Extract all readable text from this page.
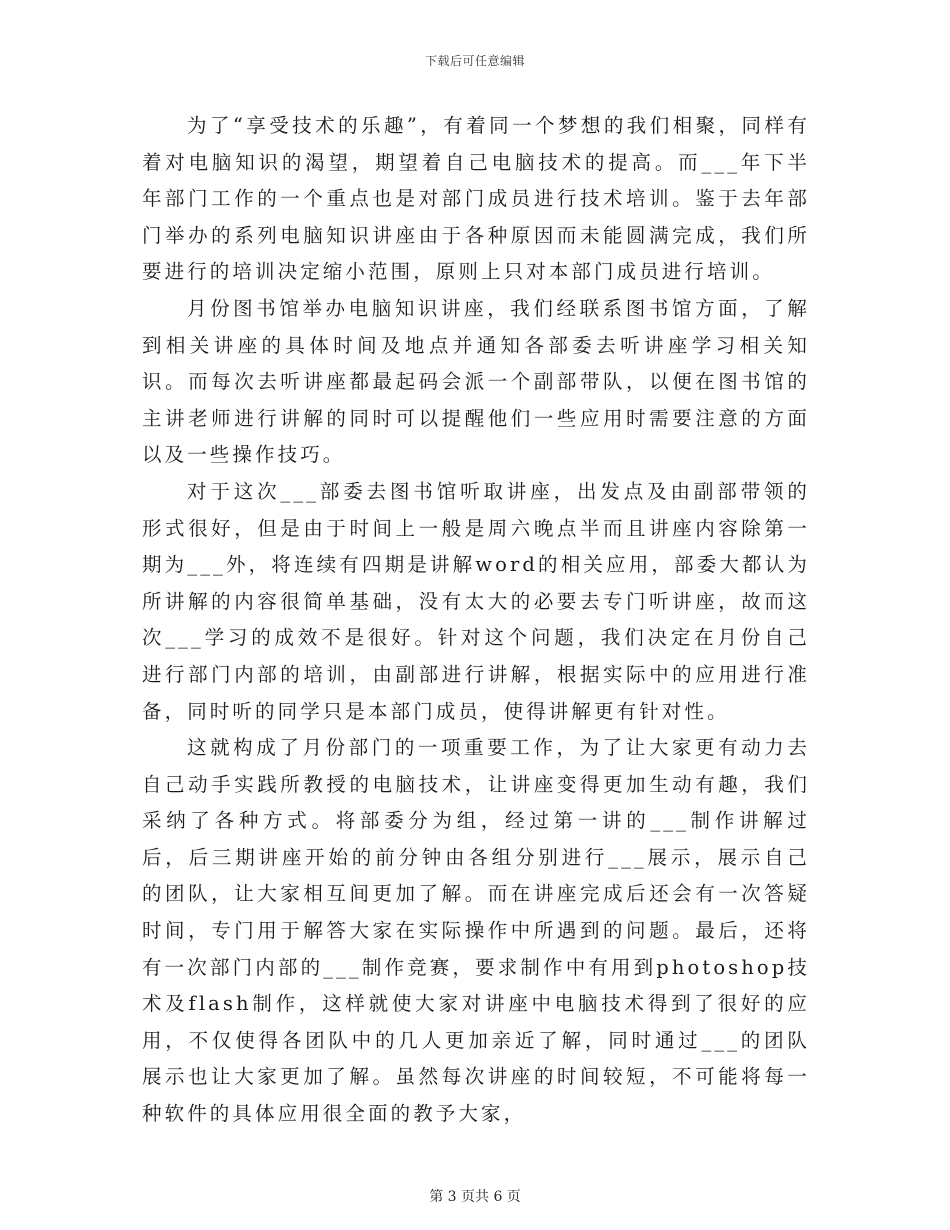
下载后可任意编辑

为了“享受技术的乐趣”，有着同一个梦想的我们相聚，同样有着对电脑知识的渴望，期望着自己电脑技术的提高。而___年下半年部门工作的一个重点也是对部门成员进行技术培训。鉴于去年部门举办的系列电脑知识讲座由于各种原因而未能圆满完成，我们所要进行的培训决定缩小范围，原则上只对本部门成员进行培训。

月份图书馆举办电脑知识讲座，我们经联系图书馆方面，了解到相关讲座的具体时间及地点并通知各部委去听讲座学习相关知识。而每次去听讲座都最起码会派一个副部带队，以便在图书馆的主讲老师进行讲解的同时可以提醒他们一些应用时需要注意的方面以及一些操作技巧。

对于这次___部委去图书馆听取讲座，出发点及由副部带领的形式很好，但是由于时间上一般是周六晚点半而且讲座内容除第一期为___外，将连续有四期是讲解word的相关应用，部委大都认为所讲解的内容很简单基础，没有太大的必要去专门听讲座，故而这次___学习的成效不是很好。针对这个问题，我们决定在月份自己进行部门内部的培训，由副部进行讲解，根据实际中的应用进行准备，同时听的同学只是本部门成员，使得讲解更有针对性。

这就构成了月份部门的一项重要工作，为了让大家更有动力去自己动手实践所教授的电脑技术，让讲座变得更加生动有趣，我们采纳了各种方式。将部委分为组，经过第一讲的___制作讲解过后，后三期讲座开始的前分钟由各组分别进行___展示，展示自己的团队，让大家相互间更加了解。而在讲座完成后还会有一次答疑时间，专门用于解答大家在实际操作中所遇到的问题。最后，还将有一次部门内部的___制作竞赛，要求制作中有用到photoshop技术及flash制作，这样就使大家对讲座中电脑技术得到了很好的应用，不仅使得各团队中的几人更加亲近了解，同时通过___的团队展示也让大家更加了解。虽然每次讲座的时间较短，不可能将每一种软件的具体应用很全面的教予大家，

第 3 页共 6 页
